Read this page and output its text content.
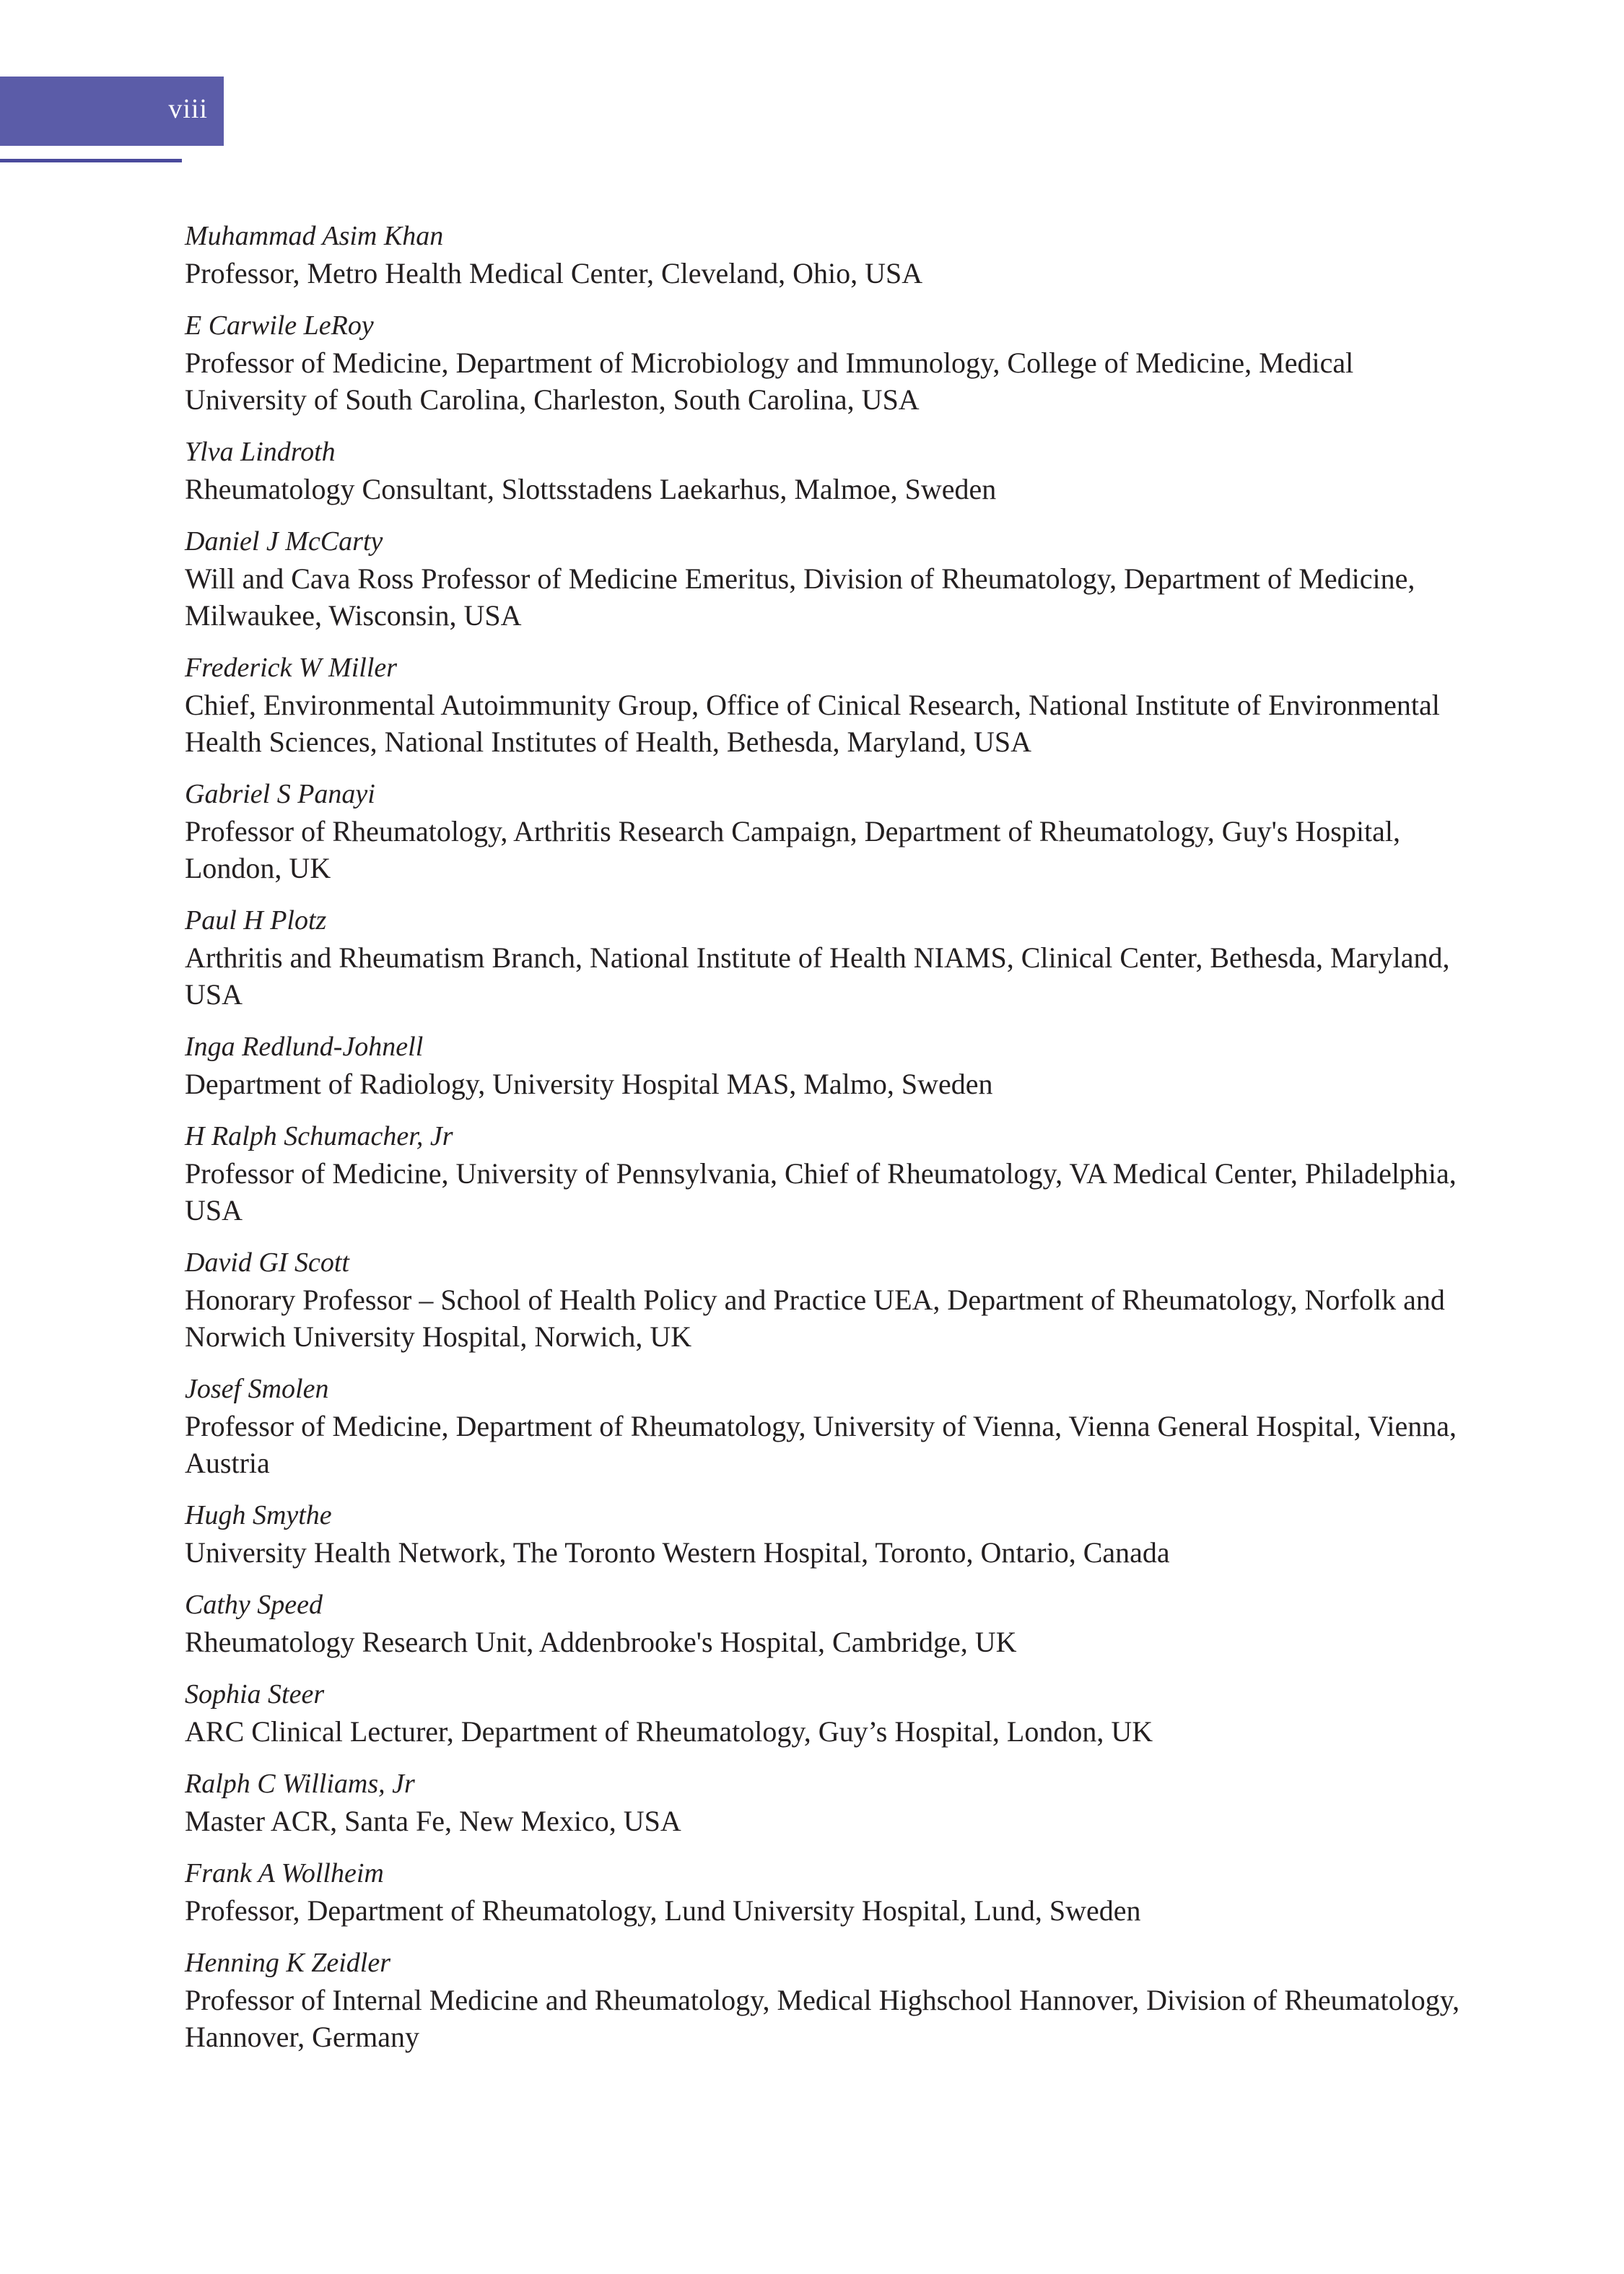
viii
Muhammad Asim Khan
Professor, Metro Health Medical Center, Cleveland, Ohio, USA
E Carwile LeRoy
Professor of Medicine, Department of Microbiology and Immunology, College of Medicine, Medical University of South Carolina, Charleston, South Carolina, USA
Ylva Lindroth
Rheumatology Consultant, Slottsstadens Laekarhus, Malmoe, Sweden
Daniel J McCarty
Will and Cava Ross Professor of Medicine Emeritus, Division of Rheumatology, Department of Medicine, Milwaukee, Wisconsin, USA
Frederick W Miller
Chief, Environmental Autoimmunity Group, Office of Cinical Research, National Institute of Environmental Health Sciences, National Institutes of Health, Bethesda, Maryland, USA
Gabriel S Panayi
Professor of Rheumatology, Arthritis Research Campaign, Department of Rheumatology, Guy's Hospital, London, UK
Paul H Plotz
Arthritis and Rheumatism Branch, National Institute of Health NIAMS, Clinical Center, Bethesda, Maryland, USA
Inga Redlund-Johnell
Department of Radiology, University Hospital MAS, Malmo, Sweden
H Ralph Schumacher, Jr
Professor of Medicine, University of Pennsylvania, Chief of Rheumatology, VA Medical Center, Philadelphia, USA
David GI Scott
Honorary Professor – School of Health Policy and Practice UEA, Department of Rheumatology, Norfolk and Norwich University Hospital, Norwich, UK
Josef Smolen
Professor of Medicine, Department of Rheumatology, University of Vienna, Vienna General Hospital, Vienna, Austria
Hugh Smythe
University Health Network, The Toronto Western Hospital, Toronto, Ontario, Canada
Cathy Speed
Rheumatology Research Unit, Addenbrooke's Hospital, Cambridge, UK
Sophia Steer
ARC Clinical Lecturer, Department of Rheumatology, Guy’s Hospital, London, UK
Ralph C Williams, Jr
Master ACR, Santa Fe, New Mexico, USA
Frank A Wollheim
Professor, Department of Rheumatology, Lund University Hospital, Lund, Sweden
Henning K Zeidler
Professor of Internal Medicine and Rheumatology, Medical Highschool Hannover, Division of Rheumatology, Hannover, Germany
